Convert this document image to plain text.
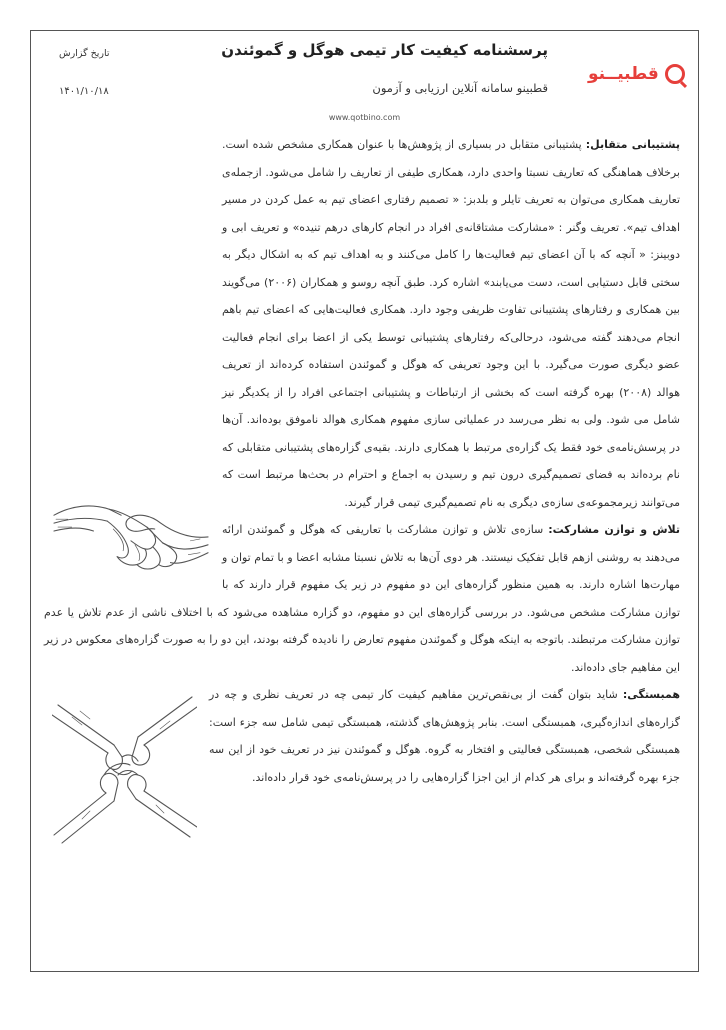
قطبیــنو
پرسشنامه کیفیت کار تیمی هوگل و گموئندن
قطبینو سامانه آنلاین ارزیابی و آزمون
تاریخ گزارش
۱۴۰۱/۱۰/۱۸
www.qotbino.com

پشتیبانی متقابل: پشتیبانی متقابل در بسیاری از پژوهش‌ها با عنوان همکاری مشخص شده است. برخلاف هماهنگی که تعاریف نسبتا واحدی دارد، همکاری طیفی از تعاریف را شامل می‌شود. ازجمله‌ی تعاریف همکاری می‌توان به تعریف تایلر و بلدبز: « تصمیم رفتاری اعضای تیم به عمل کردن در مسیر اهداف تیم». تعریف وگنر : «مشارکت مشتاقانه‌ی افراد در انجام کارهای درهم تنیده» و تعریف ابی و دوبینز: « آنچه که با آن اعضای تیم فعالیت‌ها را کامل می‌کنند و به اهداف تیم که به اشکال دیگر به سختی قابل دستیابی است، دست می‌یابند» اشاره کرد. طبق آنچه روسو و همکاران (۲۰۰۶) می‌گویند بین همکاری و رفتارهای پشتیبانی تفاوت ظریفی وجود دارد. همکاری فعالیت‌هایی که اعضای تیم باهم انجام می‌دهند گفته می‌شود، درحالی‌که رفتارهای پشتیبانی توسط یکی از اعضا برای انجام فعالیت عضو دیگری صورت می‌گیرد. با این وجود تعریفی که هوگل و گموئندن استفاده کرده‌اند از تعریف هوالد (۲۰۰۸) بهره گرفته است که بخشی از ارتباطات و پشتیبانی اجتماعی افراد را از یکدیگر نیز شامل می شود. ولی به نظر می‌رسد در عملیاتی سازی مفهوم همکاری هوالد ناموفق بوده‌اند. آن‌ها در پرسش‌نامه‌ی خود فقط یک گزاره‌ی مرتبط با همکاری دارند. بقیه‌ی گزاره‌های پشتیبانی متقابلی که نام برده‌اند به فضای تصمیم‌گیری درون تیم و رسیدن به اجماع و احترام در بحث‌ها مرتبط است که می‌توانند زیرمجموعه‌ی سازه‌ی دیگری به نام تصمیم‌گیری تیمی قرار گیرند.

تلاش و توازن مشارکت: سازه‌ی تلاش و توازن مشارکت با تعاریفی که هوگل و گموئندن ارائه می‌دهند به روشنی ازهم قابل تفکیک نیستند. هر دوی آن‌ها به تلاش نسبتا مشابه اعضا و با تمام توان و مهارت‌ها اشاره دارند. به همین منظور گزاره‌های این دو مفهوم در زیر یک مفهوم قرار دارند که با توازن مشارکت مشخص می‌شود. در بررسی گزاره‌های این دو مفهوم، دو گزاره مشاهده می‌شود که با اختلاف ناشی از عدم تلاش یا عدم توازن مشارکت مرتبطند. باتوجه به اینکه هوگل و گموئندن مفهوم تعارض را نادیده گرفته بودند، این دو را به صورت گزاره‌های معکوس در زیر این مفاهیم جای داده‌اند.

همبستگی: شاید بتوان گفت از بی‌نقص‌ترین مفاهیم کیفیت کار تیمی چه در تعریف نظری و چه در گزاره‌های اندازه‌گیری، همبستگی است. بنابر پژوهش‌های گذشته، همبستگی تیمی شامل سه جزء است: همبستگی شخصی، همبستگی فعالیتی و افتخار به گروه. هوگل و گموئندن نیز در تعریف خود از این سه جزء بهره گرفته‌اند و برای هر کدام از این اجزا گزاره‌هایی را در پرسش‌نامه‌ی خود قرار داده‌اند.
